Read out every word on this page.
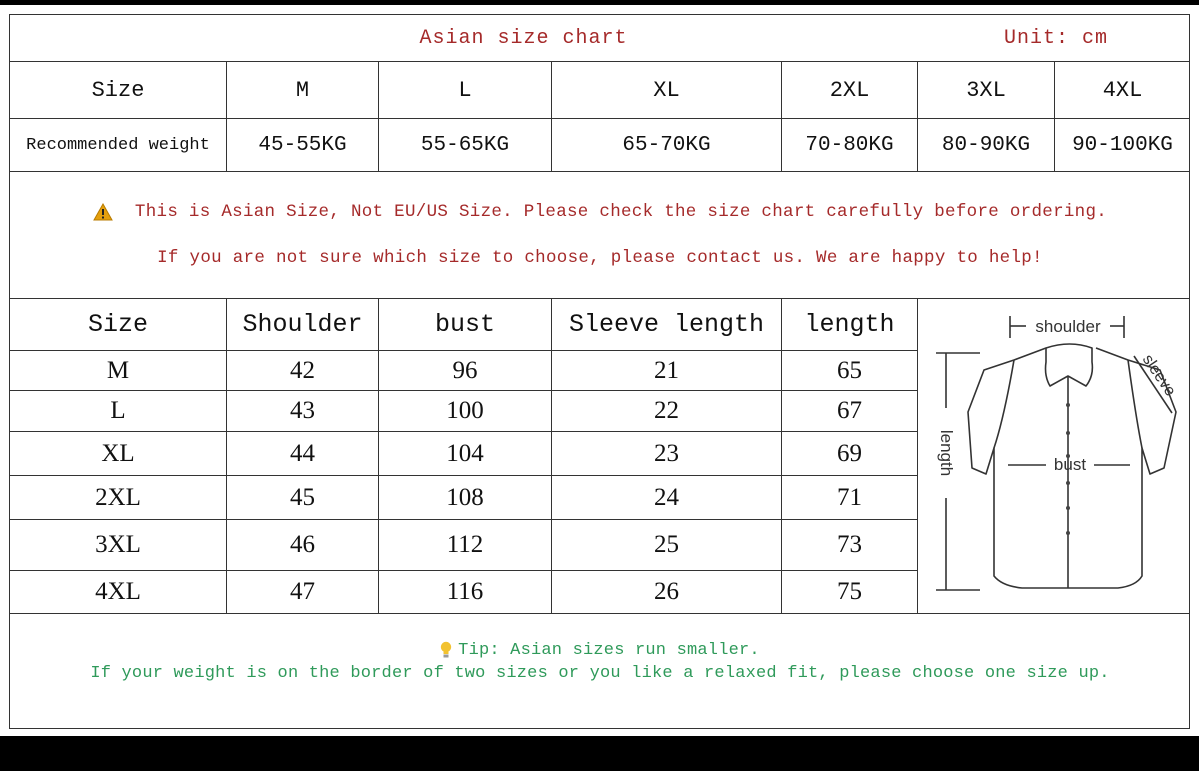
Asian size chart	Unit: cm
Size	M	L	XL	2XL	3XL	4XL
Recommended weight	45-55KG	55-65KG	65-70KG	70-80KG	80-90KG	90-100KG
This is Asian Size, Not EU/US Size. Please check the size chart carefully before ordering.
If you are not sure which size to choose, please contact us. We are happy to help!
Size	Shoulder	bust	Sleeve length	length
M	42	96	21	65
L	43	100	22	67
XL	44	104	23	69
2XL	45	108	24	71
3XL	46	112	25	73
4XL	47	116	26	75
shoulder
bust
length
sleeve
Tip: Asian sizes run smaller.
If your weight is on the border of two sizes or you like a relaxed fit, please choose one size up.
